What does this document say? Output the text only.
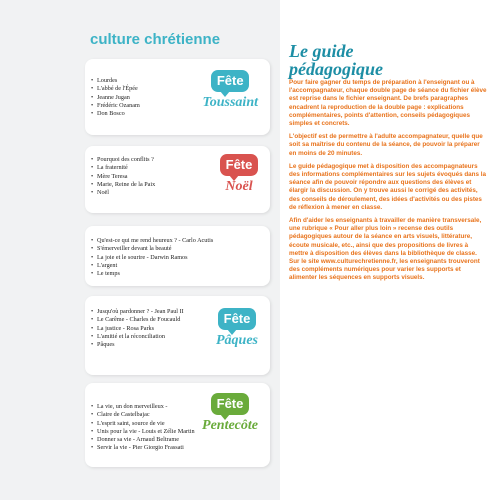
culture chrétienne
• Lourdes
• L'abbé de l'Épée
• Jeanne Jugan
• Frédéric Ozanam
• Don Bosco
Fête
Toussaint
• Pourquoi des conflits ?
• La fraternité
• Mère Teresa
• Marie, Reine de la Paix
• Noël
Fête
Noël
• Qu'est-ce qui me rend heureux ? - Carlo Acutis
• S'émerveiller devant la beauté
• La joie et le sourire - Darwin Ramos
• L'argent
• Le temps
• Jusqu'où pardonner ? - Jean Paul II
• Le Carême - Charles de Foucauld
• La justice - Rosa Parks
• L'amitié et la réconciliation
• Pâques
Fête
Pâques
• La vie, un don merveilleux -
• Claire de Castelbajac
• L'esprit saint, source de vie
• Unis pour la vie - Louis et Zélie Martin
• Donner sa vie - Arnaud Beltrame
• Servir la vie - Pier Giorgio Frassati
Fête
Pentecôte
Le guide
pédagogique

Pour faire gagner du temps de préparation à l'enseignant ou à l'accompagnateur, chaque double page de séance du fichier élève est reprise dans le fichier enseignant. De brefs paragraphes encadrent la reproduction de la double page : explications complémentaires, points d'attention, conseils pédagogiques simples et concrets.

L'objectif est de permettre à l'adulte accompagnateur, quelle que soit sa maîtrise du contenu de la séance, de pouvoir la préparer en moins de 20 minutes.

Le guide pédagogique met à disposition des accompagnateurs des informations complémentaires sur les sujets évoqués dans la séance afin de pouvoir répondre aux questions des élèves et élargir la discussion. On y trouve aussi le corrigé des activités, des conseils de déroulement, des idées d'activités ou des pistes de réflexion à mener en classe.

Afin d'aider les enseignants à travailler de manière transversale, une rubrique « Pour aller plus loin » recense des outils pédagogiques autour de la séance en arts visuels, littérature, écoute musicale, etc., ainsi que des propositions de livres à mettre à disposition des élèves dans la bibliothèque de classe. Sur le site www.culturechretienne.fr, les enseignants trouveront des compléments numériques pour varier les supports et alimenter les séquences en supports visuels.
